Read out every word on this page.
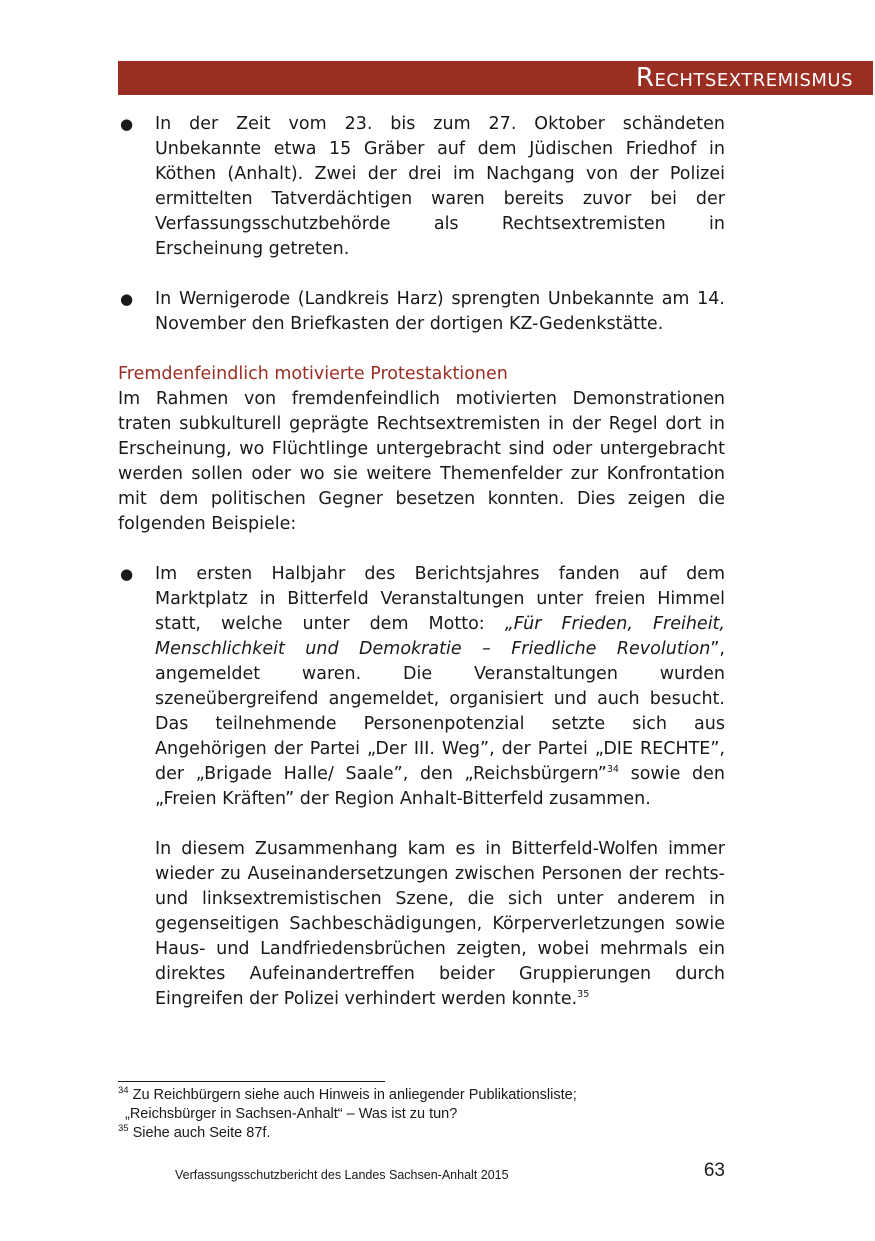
Rechtsextremismus
● In der Zeit vom 23. bis zum 27. Oktober schändeten Unbekannte etwa 15 Gräber auf dem Jüdischen Friedhof in Köthen (Anhalt). Zwei der drei im Nachgang von der Polizei ermittelten Tatverdächtigen waren bereits zuvor bei der Verfassungsschutzbehörde als Rechtsextremisten in Erscheinung getreten.
● In Wernigerode (Landkreis Harz) sprengten Unbekannte am 14. November den Briefkasten der dortigen KZ-Gedenkstätte.

Fremdenfeindlich motivierte Protestaktionen

Im Rahmen von fremdenfeindlich motivierten Demonstrationen traten subkulturell geprägte Rechtsextremisten in der Regel dort in Erscheinung, wo Flüchtlinge untergebracht sind oder untergebracht werden sollen oder wo sie weitere Themenfelder zur Konfrontation mit dem politischen Gegner besetzen konnten. Dies zeigen die folgenden Beispiele:

● Im ersten Halbjahr des Berichtsjahres fanden auf dem Marktplatz in Bitterfeld Veranstaltungen unter freien Himmel statt, welche unter dem Motto: „Für Frieden, Freiheit, Menschlichkeit und Demokratie – Friedliche Revolution”, angemeldet waren. Die Veranstaltungen wurden szeneübergreifend angemeldet, organisiert und auch besucht. Das teilnehmende Personenpotenzial setzte sich aus Angehörigen der Partei „Der III. Weg”, der Partei „DIE RECHTE”, der „Brigade Halle/ Saale”, den „Reichsbürgern”$^{34}$ sowie den „Freien Kräften” der Region Anhalt-Bitterfeld zusammen.
In diesem Zusammenhang kam es in Bitterfeld-Wolfen immer wieder zu Auseinandersetzungen zwischen Personen der rechts- und linksextremistischen Szene, die sich unter anderem in gegenseitigen Sachbeschädigungen, Körperverletzungen sowie Haus- und Landfriedensbrüchen zeigten, wobei mehrmals ein direktes Aufeinandertreffen beider Gruppierungen durch Eingreifen der Polizei verhindert werden konnte.$^{35}$

$^{34}$ Zu Reichbürgern siehe auch Hinweis in anliegender Publikationsliste;

„Reichsbürger in Sachsen-Anhalt“ – Was ist zu tun?

$^{35}$ Siehe auch Seite 87f.

Verfassungsschutzbericht des Landes Sachsen-Anhalt 2015	63
